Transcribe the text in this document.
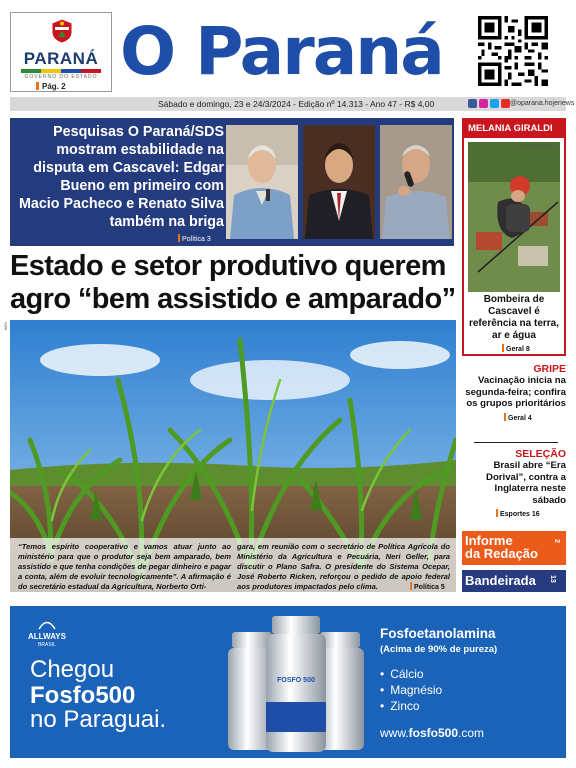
PARANÁ
GOVERNO DO ESTADO
Pág. 2 O Paraná
Sábado e domingo, 23 e 24/3/2024 - Edição nº 14.313 - Ano 47 - R$ 4,00	@oparana.hojenews
Pesquisas O Paraná/SDS mostram estabilidade na disputa em Cascavel: Edgar Bueno em primeiro com Macio Pacheco e Renato Silva também na briga
Política 3
Estado e setor produtivo querem agro “bem assistido e amparado”
AEN
“Temos espírito cooperativo e vamos atuar junto ao ministério para que o produtor seja bem amparado, bem assistido e que tenha condições de pegar dinheiro e pagar a conta, além de evoluir tecnologicamente”. A afirmação é do secretário estadual da Agricultura, Norberto Orti-
gara, em reunião com o secretário de Política Agrícola do Ministério da Agricultura e Pecuária, Neri Geller, para discutir o Plano Safra. O presidente do Sistema Ocepar, José Roberto Ricken, reforçou o pedido de apoio federal aos produtores impactados pelo clima.	Política 5
MELANIA GIRALDI
ARQUIVO PESSOAL
Bombeira de Cascavel é referência na terra, ar e água
Geral 8
GRIPE
Vacinação inicia na segunda-feira; confira os grupos prioritários
Geral 4
SELEÇÃO
Brasil abre “Era Dorival”, contra a Inglaterra neste sábado
Esportes 16
Informe
da Redação
2
Bandeirada	13
ALLWAYS
BRASIL
Chegou
Fosfo500
no Paraguai.
FOSFO 500
Fosfoetanolamina
(Acima de 90% de pureza)
• Cálcio
• Magnésio
• Zinco
www.fosfo500.com
